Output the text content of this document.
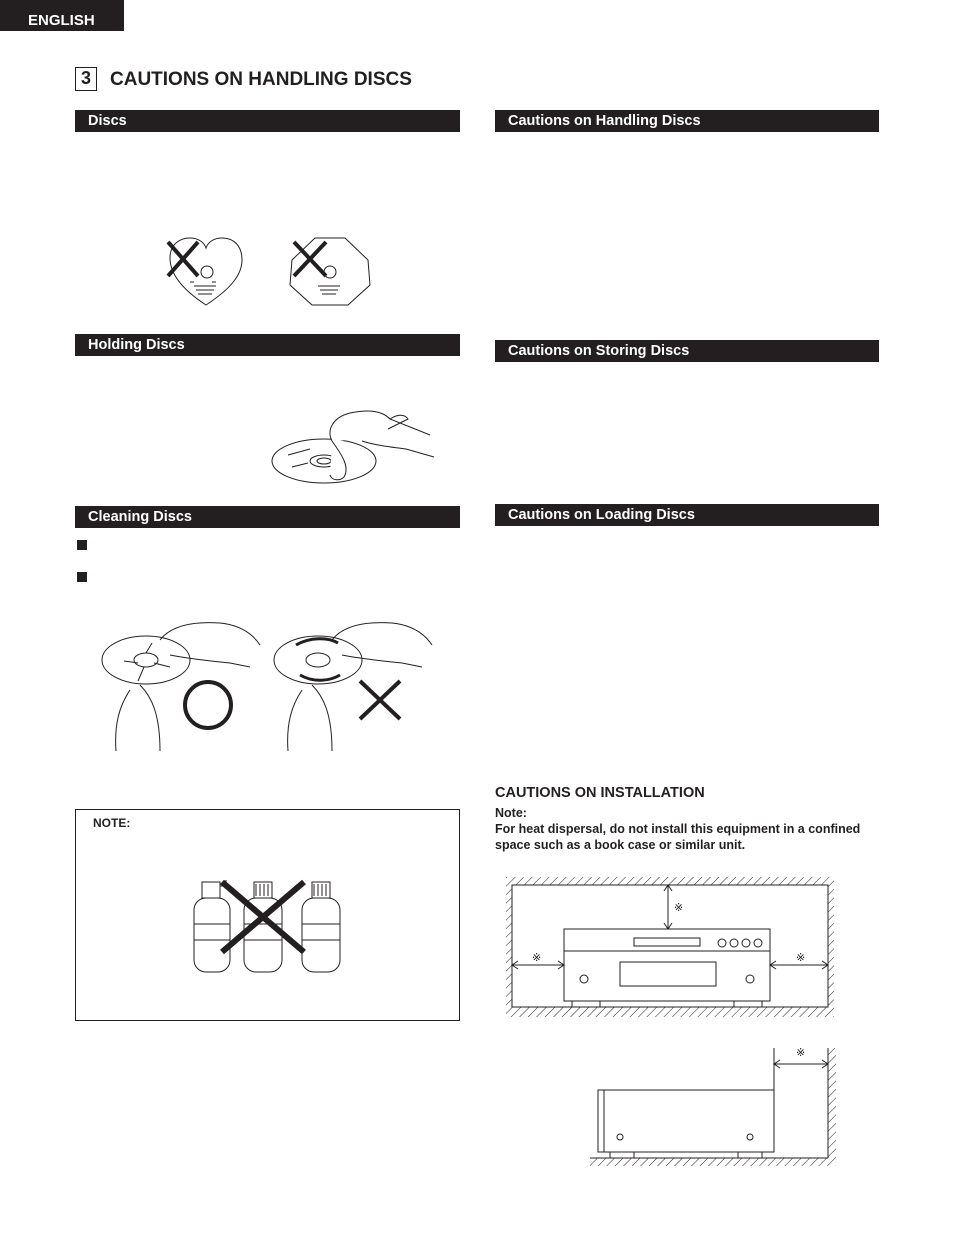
ENGLISH
3	CAUTIONS ON HANDLING DISCS
Discs
Holding Discs
Cleaning Discs
Cautions on Handling Discs
Cautions on Storing Discs
Cautions on Loading Discs
NOTE:
CAUTIONS ON INSTALLATION
Note:
For heat dispersal, do not install this equipment in a confined space such as a book case or similar unit.
※
※	※
※
